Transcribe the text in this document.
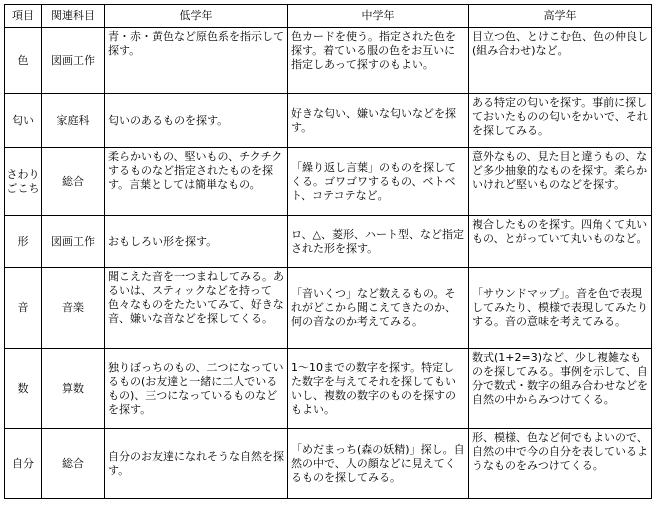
項目	関連科目	低学年	中学年	高学年
色	図画工作	青・赤・黄色など原色系を指示して探す。	色カードを使う。指定された色を探す。着ている服の色をお互いに指定しあって探すのもよい。	目立つ色、とけこむ色、色の仲良し(組み合わせ)など。
匂い	家庭科	匂いのあるものを探す。	好きな匂い、嫌いな匂いなどを探す。	ある特定の匂いを探す。事前に探しておいたものの匂いをかいで、それを探してみる。
さわりごこち	総合	柔らかいもの、堅いもの、チクチクするものなど指定されたものを探す。言葉としては簡単なもの。	「繰り返し言葉」のものを探してくる。ゴワゴワするもの、ベトベト、コテコテなど。	意外なもの、見た目と違うもの、など多少抽象的なものを探す。柔らかいけれど堅いものなどを探す。
形	図画工作	おもしろい形を探す。	ロ、△、菱形、ハート型、など指定された形を探す。	複合したものを探す。四角くて丸いもの、とがっていて丸いものなど。
音	音楽	聞こえた音を一つまねしてみる。あるいは、スティックなどを持って色々なものをたたいてみて、好きな音、嫌いな音などを探してくる。	「音いくつ」など数えるもの。それがどこから聞こえてきたのか、何の音なのか考えてみる。	「サウンドマップ」。音を色で表現してみたり、模様で表現してみたりする。音の意味を考えてみる。
数	算数	独りぼっちのもの、二つになっているもの(お友達と一緒に二人でいるもの)、三つになっているものなどを探す。	1〜10までの数字を探す。特定した数字を与えてそれを探してもいいし、複数の数字のものを探すのもよい。	数式(1+2=3)など、少し複雑なものを探してみる。事例を示して、自分で数式・数字の組み合わせなどを自然の中からみつけてくる。
自分	総合	自分のお友達になれそうな自然を探す。	「めだまっち(森の妖精)」探し。自然の中で、人の顔などに見えてくるものを探してみる。	形、模様、色など何でもよいので、自然の中で今の自分を表しているようなものをみつけてくる。
